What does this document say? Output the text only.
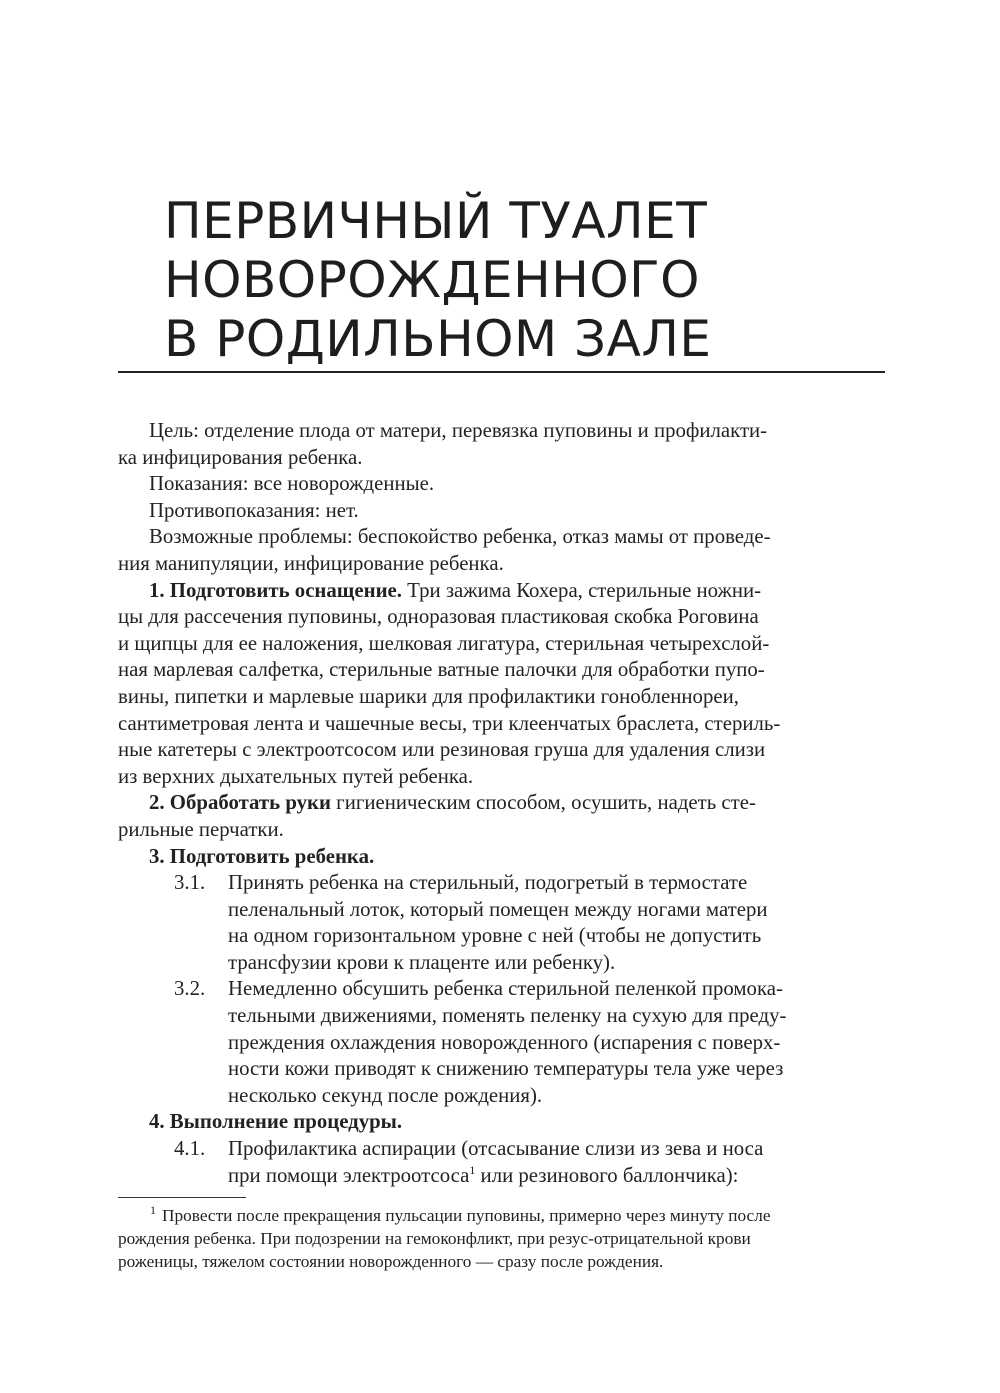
ПЕРВИЧНЫЙ ТУАЛЕТ
НОВОРОЖДЕННОГО
В РОДИЛЬНОМ ЗАЛЕ

Цель: отделение плода от матери, перевязка пуповины и профилакти-
ка инфицирования ребенка.

Показания: все новорожденные.

Противопоказания: нет.

Возможные проблемы: беспокойство ребенка, отказ мамы от проведе-
ния манипуляции, инфицирование ребенка.

1. Подготовить оснащение. Три зажима Кохера, стерильные ножни-
цы для рассечения пуповины, одноразовая пластиковая скобка Роговина
и щипцы для ее наложения, шелковая лигатура, стерильная четырехслой-
ная марлевая салфетка, стерильные ватные палочки для обработки пупо-
вины, пипетки и марлевые шарики для профилактики гонобленнореи,
сантиметровая лента и чашечные весы, три клеенчатых браслета, стериль-
ные катетеры с электроотсосом или резиновая груша для удаления слизи
из верхних дыхательных путей ребенка.

2. Обработать руки гигиеническим способом, осушить, надеть сте-
рильные перчатки.

3. Подготовить ребенка.

3.1.	Принять ребенка на стерильный, подогретый в термостате
пеленальный лоток, который помещен между ногами матери
на одном горизонтальном уровне с ней (чтобы не допустить
трансфузии крови к плаценте или ребенку).
3.2.	Немедленно обсушить ребенка стерильной пеленкой промока-
тельными движениями, поменять пеленку на сухую для преду-
преждения охлаждения новорожденного (испарения с поверх-
ности кожи приводят к снижению температуры тела уже через
несколько секунд после рождения).

4. Выполнение процедуры.

4.1.	Профилактика аспирации (отсасывание слизи из зева и носа
при помощи электроотсоса$^1$ или резинового баллончика):

$^1$ Провести после прекращения пульсации пуповины, примерно через минуту после
рождения ребенка. При подозрении на гемоконфликт, при резус-отрицательной крови
роженицы, тяжелом состоянии новорожденного — сразу после рождения.
